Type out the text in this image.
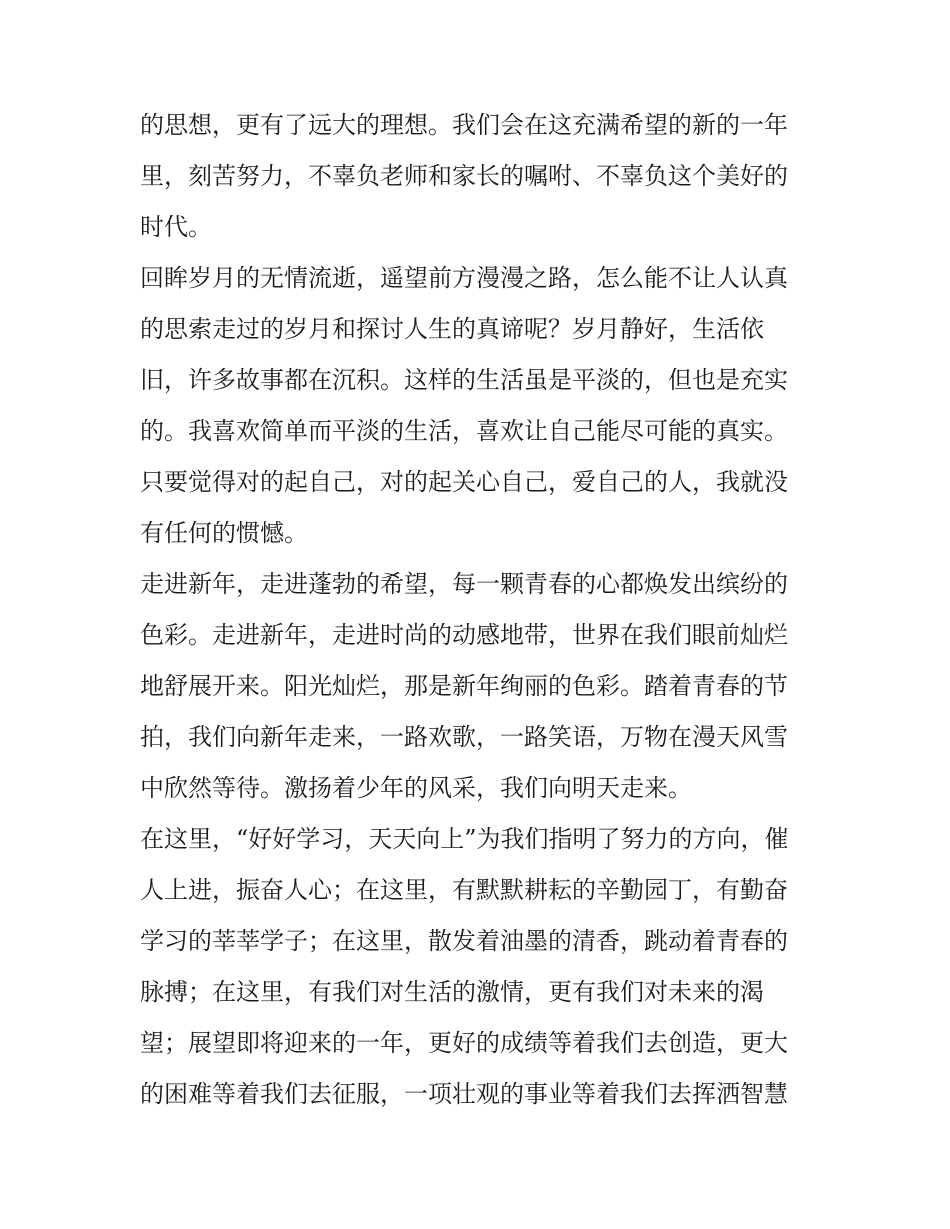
的思想，更有了远大的理想。我们会在这充满希望的新的一年
里，刻苦努力，不辜负老师和家长的嘱咐、不辜负这个美好的
时代。
回眸岁月的无情流逝，遥望前方漫漫之路，怎么能不让人认真
的思索走过的岁月和探讨人生的真谛呢？岁月静好，生活依
旧，许多故事都在沉积。这样的生活虽是平淡的，但也是充实
的。我喜欢简单而平淡的生活，喜欢让自己能尽可能的真实。
只要觉得对的起自己，对的起关心自己，爱自己的人，我就没
有任何的惯憾。
走进新年，走进蓬勃的希望，每一颗青春的心都焕发出缤纷的
色彩。走进新年，走进时尚的动感地带，世界在我们眼前灿烂
地舒展开来。阳光灿烂，那是新年绚丽的色彩。踏着青春的节
拍，我们向新年走来，一路欢歌，一路笑语，万物在漫天风雪
中欣然等待。激扬着少年的风采，我们向明天走来。
在这里，“好好学习，天天向上”为我们指明了努力的方向，催
人上进，振奋人心；在这里，有默默耕耘的辛勤园丁，有勤奋
学习的莘莘学子；在这里，散发着油墨的清香，跳动着青春的
脉搏；在这里，有我们对生活的激情，更有我们对未来的渴
望；展望即将迎来的一年，更好的成绩等着我们去创造，更大
的困难等着我们去征服，一项壮观的事业等着我们去挥洒智慧
